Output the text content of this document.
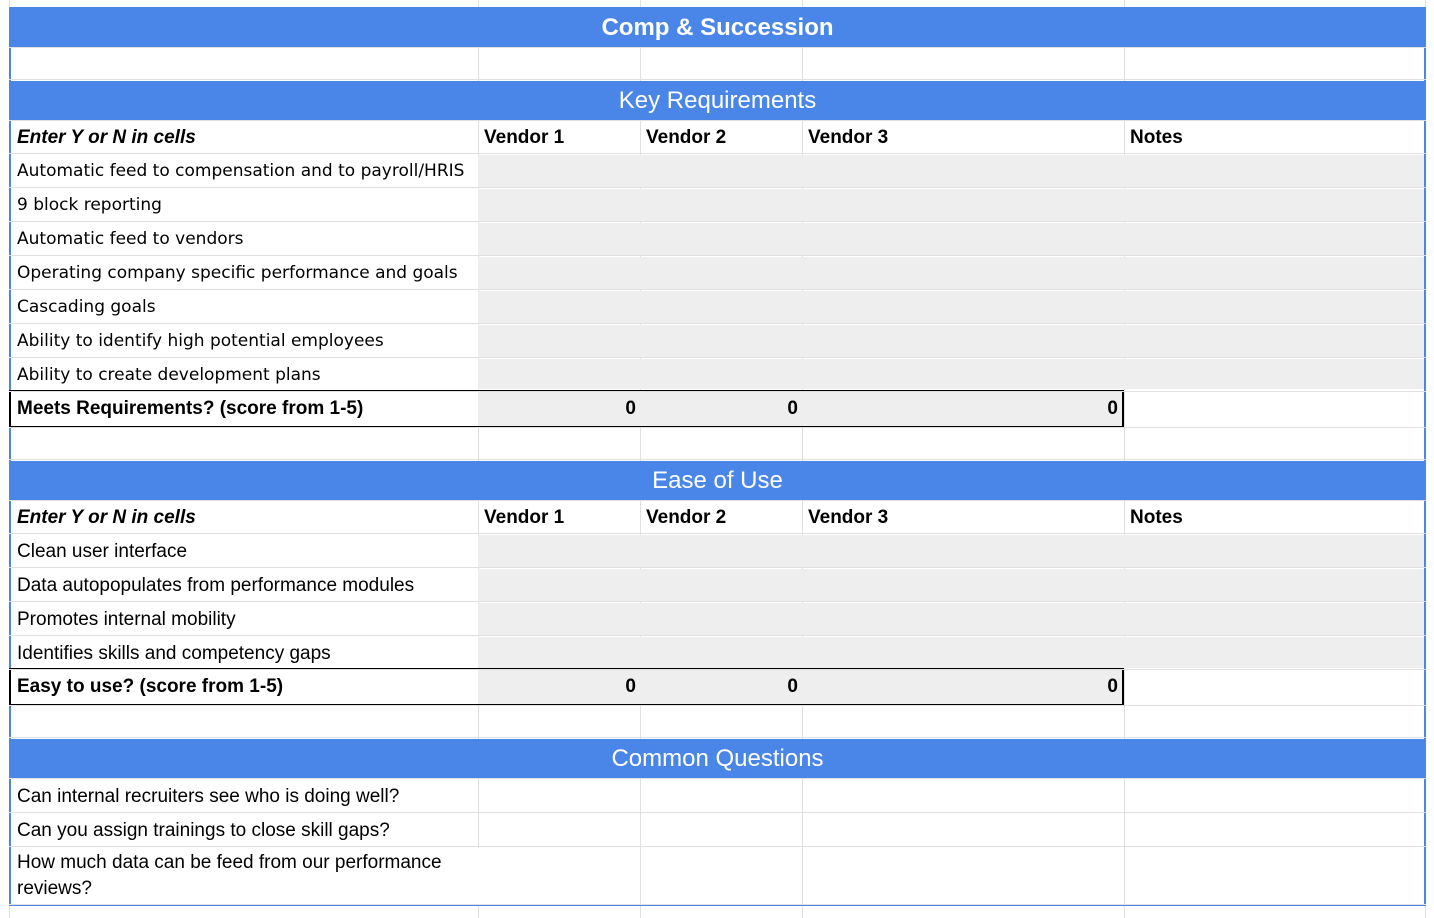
Comp & Succession
Key Requirements
Enter Y or N in cells	Vendor 1	Vendor 2	Vendor 3	Notes
Automatic feed to compensation and to payroll/HRIS
9 block reporting
Automatic feed to vendors
Operating company specific performance and goals
Cascading goals
Ability to identify high potential employees
Ability to create development plans
Meets Requirements? (score from 1-5)	0	0	0
Ease of Use
Enter Y or N in cells	Vendor 1	Vendor 2	Vendor 3	Notes
Clean user interface
Data autopopulates from performance modules
Promotes internal mobility
Identifies skills and competency gaps
Easy to use? (score from 1-5)	0	0	0
Common Questions
Can internal recruiters see who is doing well?
Can you assign trainings to close skill gaps?
How much data can be feed from our performance reviews?
